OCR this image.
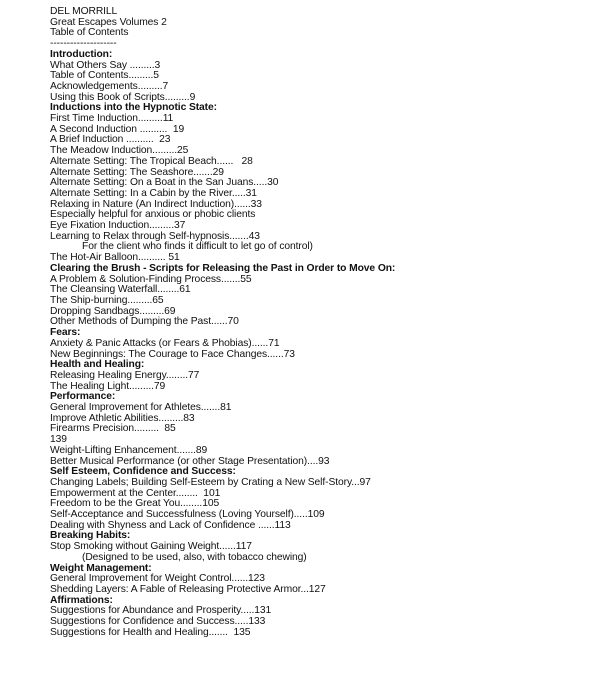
DEL MORRILL
Great Escapes Volumes 2
Table of Contents
--------------------
Introduction:
What Others Say .........3
Table of Contents.........5
Acknowledgements.........7
Using this Book of Scripts.........9
Inductions into the Hypnotic State:
First Time Induction.........11
A Second Induction ..........  19
A Brief Induction ..........  23
The Meadow Induction.........25
Alternate Setting: The Tropical Beach......   28
Alternate Setting: The Seashore.......29
Alternate Setting: On a Boat in the San Juans.....30
Alternate Setting: In a Cabin by the River.....31
Relaxing in Nature (An Indirect Induction)......33
Especially helpful for anxious or phobic clients
Eye Fixation Induction.........37
Learning to Relax through Self-hypnosis.......43
For the client who finds it difficult to let go of control)
The Hot-Air Balloon.......... 51
Clearing the Brush - Scripts for Releasing the Past in Order to Move On:
A Problem & Solution-Finding Process.......55
The Cleansing Waterfall........61
The Ship-burning.........65
Dropping Sandbags.........69
Other Methods of Dumping the Past......70
Fears:
Anxiety & Panic Attacks (or Fears & Phobias)......71
New Beginnings: The Courage to Face Changes......73
Health and Healing:
Releasing Healing Energy........77
The Healing Light.........79
Performance:
General Improvement for Athletes.......81
Improve Athletic Abilities.........83
Firearms Precision.........  85
139
Weight-Lifting Enhancement.......89
Better Musical Performance (or other Stage Presentation)....93
Self Esteem, Confidence and Success:
Changing Labels; Building Self-Esteem by Crating a New Self-Story...97
Empowerment at the Center........  101
Freedom to be the Great You........105
Self-Acceptance and Successfulness (Loving Yourself).....109
Dealing with Shyness and Lack of Confidence ......113
Breaking Habits:
Stop Smoking without Gaining Weight......117
(Designed to be used, also, with tobacco chewing)
Weight Management:
General Improvement for Weight Control......123
Shedding Layers: A Fable of Releasing Protective Armor...127
Affirmations:
Suggestions for Abundance and Prosperity.....131
Suggestions for Confidence and Success.....133
Suggestions for Health and Healing.......  135
